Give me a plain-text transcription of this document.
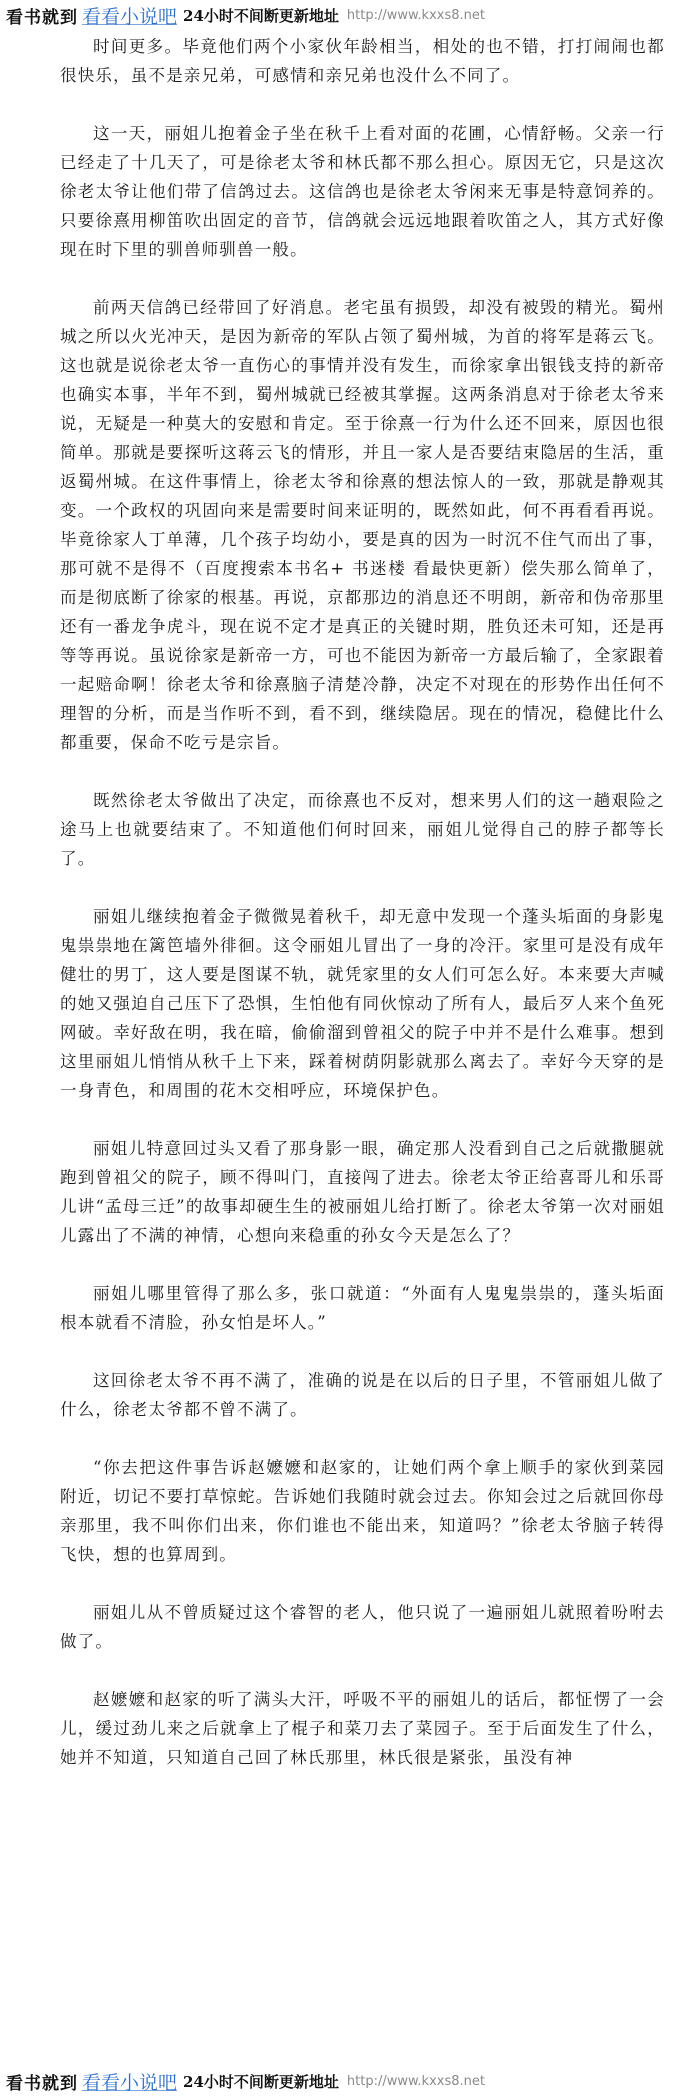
看书就到 看看小说吧 24小时不间断更新地址 http://www.kxxs8.net

时间更多。毕竟他们两个小家伙年龄相当，相处的也不错，打打闹闹也都很快乐，虽不是亲兄弟，可感情和亲兄弟也没什么不同了。

这一天，丽姐儿抱着金子坐在秋千上看对面的花圃，心情舒畅。父亲一行已经走了十几天了，可是徐老太爷和林氏都不那么担心。原因无它，只是这次徐老太爷让他们带了信鸽过去。这信鸽也是徐老太爷闲来无事是特意饲养的。只要徐熹用柳笛吹出固定的音节，信鸽就会远远地跟着吹笛之人，其方式好像现在时下里的驯兽师驯兽一般。

前两天信鸽已经带回了好消息。老宅虽有损毁，却没有被毁的精光。蜀州城之所以火光冲天，是因为新帝的军队占领了蜀州城，为首的将军是蒋云飞。这也就是说徐老太爷一直伤心的事情并没有发生，而徐家拿出银钱支持的新帝也确实本事，半年不到，蜀州城就已经被其掌握。这两条消息对于徐老太爷来说，无疑是一种莫大的安慰和肯定。至于徐熹一行为什么还不回来，原因也很简单。那就是要探听这蒋云飞的情形，并且一家人是否要结束隐居的生活，重返蜀州城。在这件事情上，徐老太爷和徐熹的想法惊人的一致，那就是静观其变。一个政权的巩固向来是需要时间来证明的，既然如此，何不再看看再说。毕竟徐家人丁单薄，几个孩子均幼小，要是真的因为一时沉不住气而出了事，那可就不是得不（百度搜索本书名+ 书迷楼 看最快更新）偿失那么简单了，而是彻底断了徐家的根基。再说，京都那边的消息还不明朗，新帝和伪帝那里还有一番龙争虎斗，现在说不定才是真正的关键时期，胜负还未可知，还是再等等再说。虽说徐家是新帝一方，可也不能因为新帝一方最后输了，全家跟着一起赔命啊！徐老太爷和徐熹脑子清楚冷静，决定不对现在的形势作出任何不理智的分析，而是当作听不到，看不到，继续隐居。现在的情况，稳健比什么都重要，保命不吃亏是宗旨。

既然徐老太爷做出了决定，而徐熹也不反对，想来男人们的这一趟艰险之途马上也就要结束了。不知道他们何时回来，丽姐儿觉得自己的脖子都等长了。

丽姐儿继续抱着金子微微晃着秋千，却无意中发现一个蓬头垢面的身影鬼鬼祟祟地在篱笆墙外徘徊。这令丽姐儿冒出了一身的冷汗。家里可是没有成年健壮的男丁，这人要是图谋不轨，就凭家里的女人们可怎么好。本来要大声喊的她又强迫自己压下了恐惧，生怕他有同伙惊动了所有人，最后歹人来个鱼死网破。幸好敌在明，我在暗，偷偷溜到曾祖父的院子中并不是什么难事。想到这里丽姐儿悄悄从秋千上下来，踩着树荫阴影就那么离去了。幸好今天穿的是一身青色，和周围的花木交相呼应，环境保护色。

丽姐儿特意回过头又看了那身影一眼，确定那人没看到自己之后就撒腿就跑到曾祖父的院子，顾不得叫门，直接闯了进去。徐老太爷正给喜哥儿和乐哥儿讲“孟母三迁”的故事却硬生生的被丽姐儿给打断了。徐老太爷第一次对丽姐儿露出了不满的神情，心想向来稳重的孙女今天是怎么了？

丽姐儿哪里管得了那么多，张口就道：“外面有人鬼鬼祟祟的，蓬头垢面根本就看不清脸，孙女怕是坏人。”

这回徐老太爷不再不满了，准确的说是在以后的日子里，不管丽姐儿做了什么，徐老太爷都不曾不满了。

“你去把这件事告诉赵嬷嬷和赵家的，让她们两个拿上顺手的家伙到菜园附近，切记不要打草惊蛇。告诉她们我随时就会过去。你知会过之后就回你母亲那里，我不叫你们出来，你们谁也不能出来，知道吗？”徐老太爷脑子转得飞快，想的也算周到。

丽姐儿从不曾质疑过这个睿智的老人，他只说了一遍丽姐儿就照着吩咐去做了。

赵嬷嬷和赵家的听了满头大汗，呼吸不平的丽姐儿的话后，都怔愣了一会儿，缓过劲儿来之后就拿上了棍子和菜刀去了菜园子。至于后面发生了什么，她并不知道，只知道自己回了林氏那里，林氏很是紧张，虽没有神

看书就到 看看小说吧 24小时不间断更新地址 http://www.kxxs8.net
